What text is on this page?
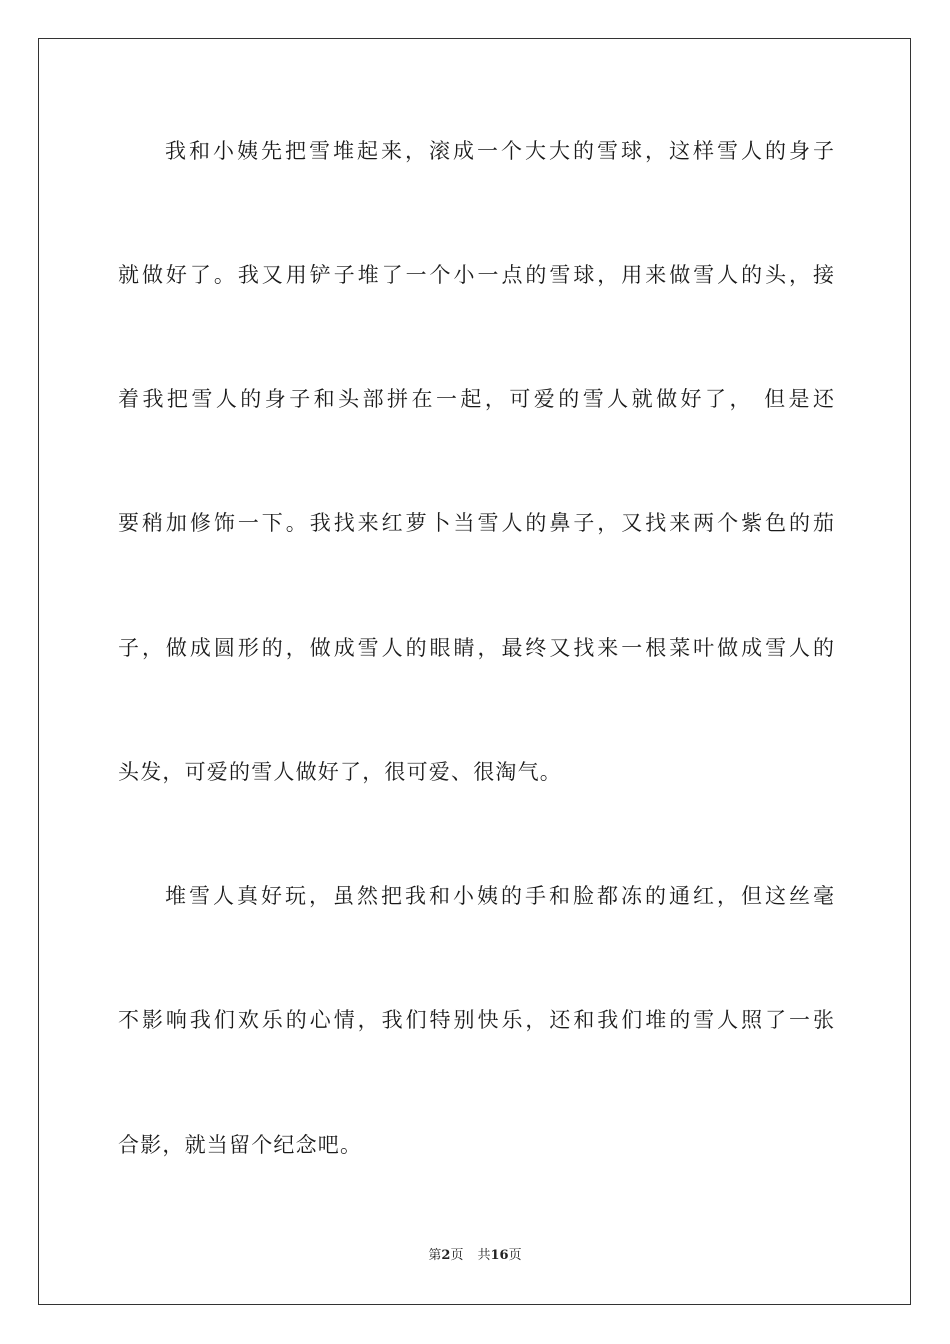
我和小姨先把雪堆起来，滚成一个大大的雪球，这样雪人的身子
就做好了。我又用铲子堆了一个小一点的雪球，用来做雪人的头，接
着我把雪人的身子和头部拼在一起，可爱的雪人就做好了， 但是还
要稍加修饰一下。我找来红萝卜当雪人的鼻子，又找来两个紫色的茄
子，做成圆形的，做成雪人的眼睛，最终又找来一根菜叶做成雪人的
头发，可爱的雪人做好了，很可爱、很淘气。
堆雪人真好玩，虽然把我和小姨的手和脸都冻的通红，但这丝毫
不影响我们欢乐的心情，我们特别快乐，还和我们堆的雪人照了一张
合影，就当留个纪念吧。
第2页 共16页
